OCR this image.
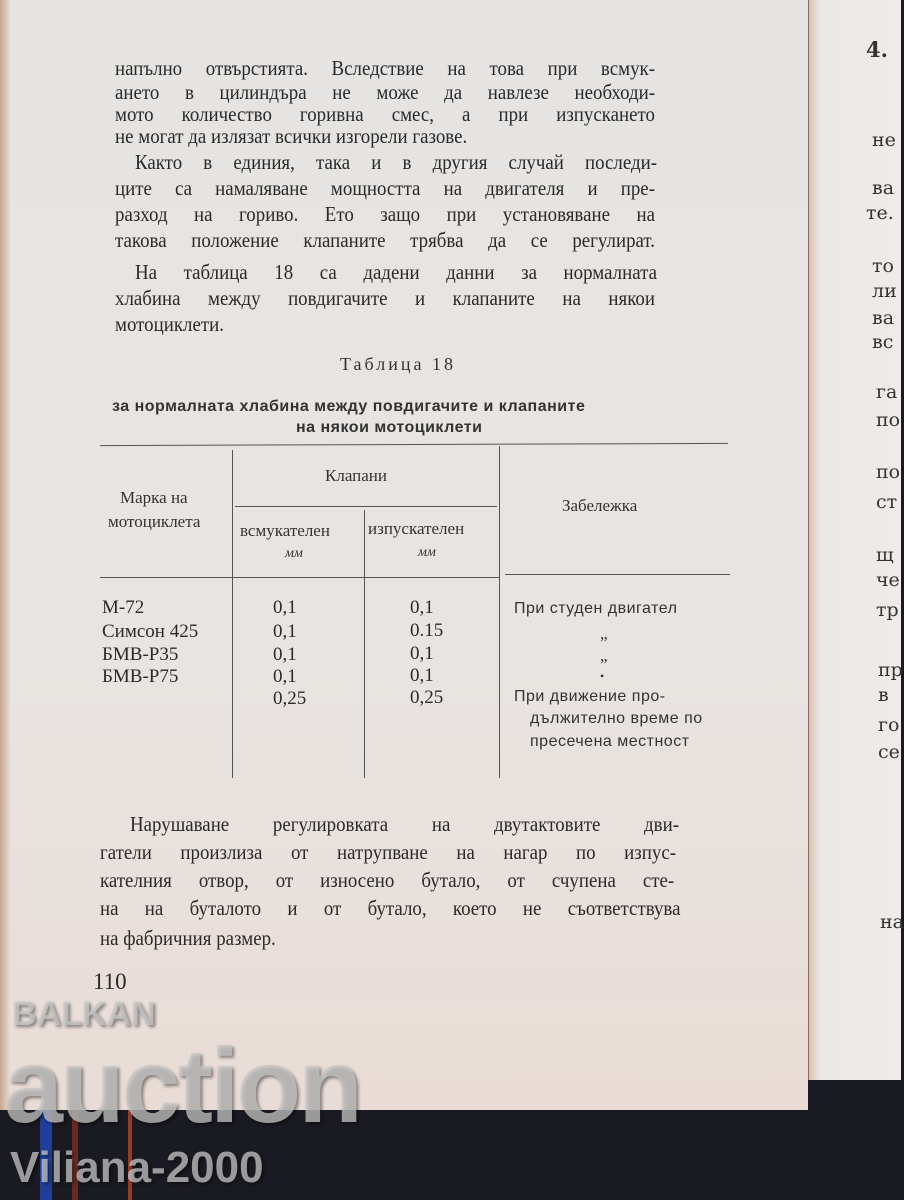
напълно отвърстията. Вследствие на това при всмук-
ането в цилиндъра не може да навлезе необходи-
мото количество горивна смес, а при изпускането
не могат да излязат всички изгорели газове.
Както в единия, така и в другия случай последи-
ците са намаляване мощността на двигателя и пре-
разход на гориво. Ето защо при установяване на
такова положение клапаните трябва да се регулират.
На таблица 18 са дадени данни за нормалната
хлабина между повдигачите и клапаните на някои
мотоциклети.
Таблица 18
за нормалната хлабина между повдигачите и клапаните
на някои мотоциклети
Марка на
мотоциклета
Клапани
всмукателен изпускателен
мм	мм
Забележка
М-72
Симсон 425
БМВ-Р35
БМВ-Р75
0,1
0,1
0,1
0,1
0,25
0,1
0.15
0,1
0,1
0,25
При студен двигател
„
„
•
При движение про-
дължително време по
пресечена местност
Нарушаване регулировката на двутактовите дви-
гатели произлиза от натрупване на нагар по изпус-
кателния отвор, от износено бутало, от счупена сте-
на на буталото и от бутало, което не съответствува
на фабричния размер.
110
4.
не
ва
те.
то
ли
ва
вс
га
по
по
ст
щ
че
тр
пр
в
го
се
на
BALKAN
auction
Viliana-2000
